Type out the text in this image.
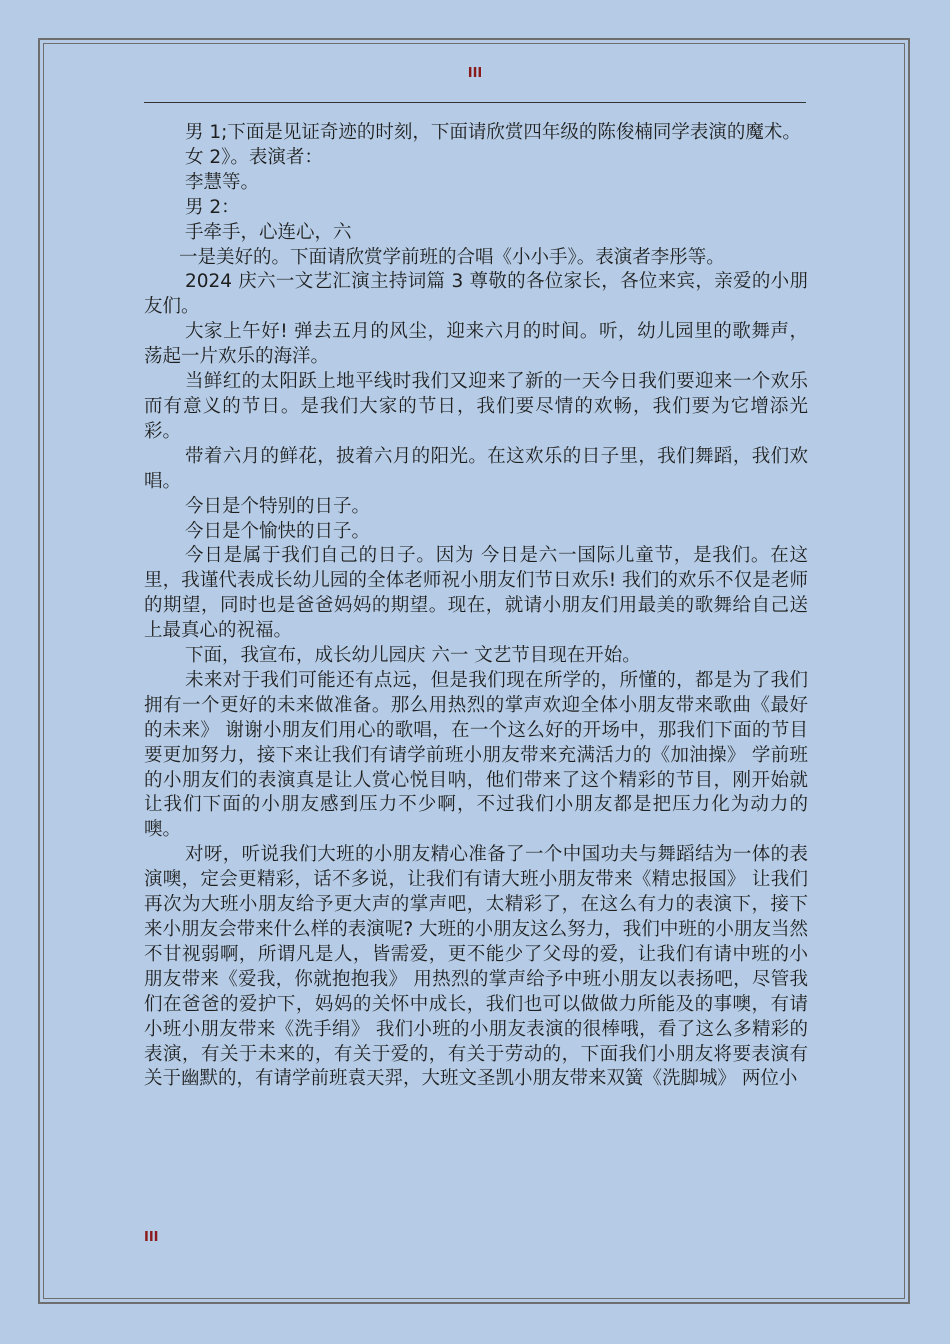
III

男 1;下面是见证奇迹的时刻，下面请欣赏四年级的陈俊楠同学表演的魔术。

女 2》。表演者：

李慧等。

男 2：

手牵手，心连心，六

一是美好的。下面请欣赏学前班的合唱《小小手》。表演者李彤等。

2024 庆六一文艺汇演主持词篇 3 尊敬的各位家长，各位来宾，亲爱的小朋友们。

大家上午好! 弹去五月的风尘，迎来六月的时间。听，幼儿园里的歌舞声，荡起一片欢乐的海洋。

当鲜红的太阳跃上地平线时我们又迎来了新的一天今日我们要迎来一个欢乐而有意义的节日。是我们大家的节日，我们要尽情的欢畅，我们要为它增添光彩。

带着六月的鲜花，披着六月的阳光。在这欢乐的日子里，我们舞蹈，我们欢唱。

今日是个特别的日子。

今日是个愉快的日子。

今日是属于我们自己的日子。因为 今日是六一国际儿童节，是我们。在这里，我谨代表成长幼儿园的全体老师祝小朋友们节日欢乐! 我们的欢乐不仅是老师的期望，同时也是爸爸妈妈的期望。现在，就请小朋友们用最美的歌舞给自己送上最真心的祝福。

下面，我宣布，成长幼儿园庆 六一 文艺节目现在开始。

未来对于我们可能还有点远，但是我们现在所学的，所懂的，都是为了我们拥有一个更好的未来做准备。那么用热烈的掌声欢迎全体小朋友带来歌曲《最好的未来》 谢谢小朋友们用心的歌唱，在一个这么好的开场中，那我们下面的节目要更加努力，接下来让我们有请学前班小朋友带来充满活力的《加油操》 学前班的小朋友们的表演真是让人赏心悦目呐，他们带来了这个精彩的节目，刚开始就让我们下面的小朋友感到压力不少啊，不过我们小朋友都是把压力化为动力的噢。

对呀，听说我们大班的小朋友精心准备了一个中国功夫与舞蹈结为一体的表演噢，定会更精彩，话不多说，让我们有请大班小朋友带来《精忠报国》 让我们再次为大班小朋友给予更大声的掌声吧，太精彩了，在这么有力的表演下，接下来小朋友会带来什么样的表演呢? 大班的小朋友这么努力，我们中班的小朋友当然不甘视弱啊，所谓凡是人，皆需爱，更不能少了父母的爱，让我们有请中班的小朋友带来《爱我，你就抱抱我》 用热烈的掌声给予中班小朋友以表扬吧，尽管我们在爸爸的爱护下，妈妈的关怀中成长，我们也可以做做力所能及的事噢，有请小班小朋友带来《洗手绢》 我们小班的小朋友表演的很棒哦，看了这么多精彩的表演，有关于未来的，有关于爱的，有关于劳动的，下面我们小朋友将要表演有关于幽默的，有请学前班袁天羿，大班文圣凯小朋友带来双簧《洗脚城》 两位小

III
